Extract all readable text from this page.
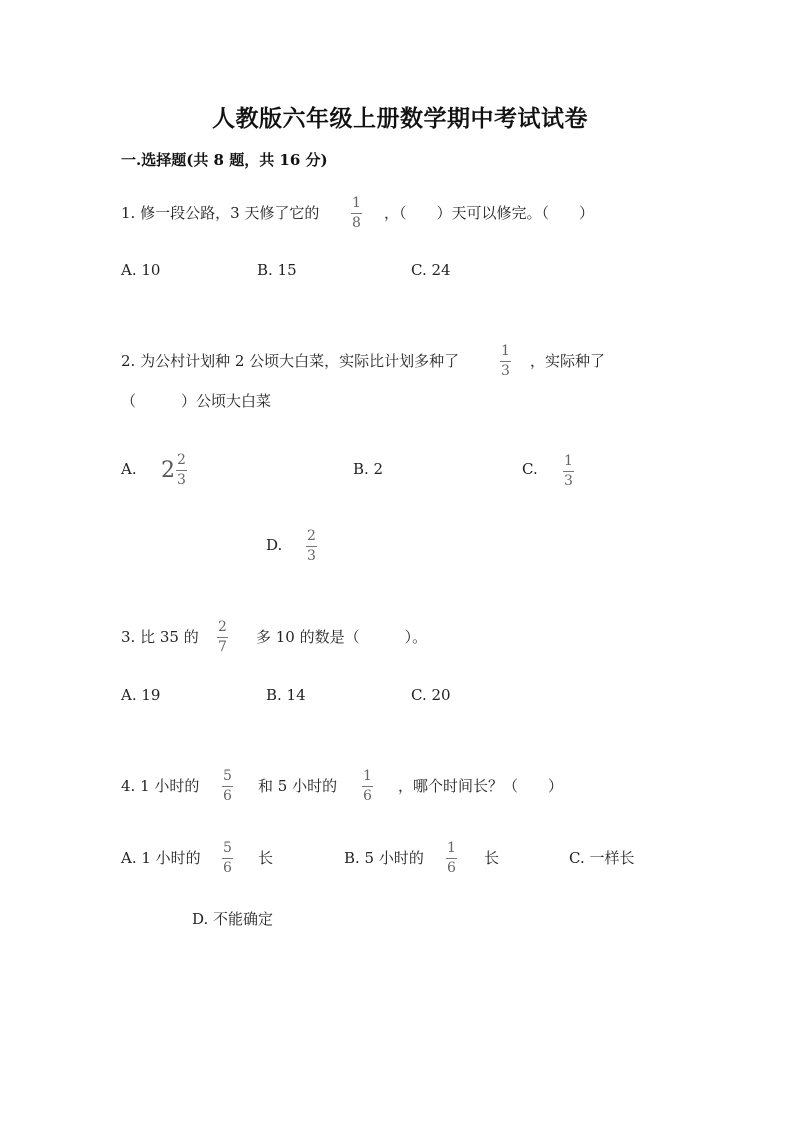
人教版六年级上册数学期中考试试卷
一.选择题(共 8 题，共 16 分)
1. 修一段公路，3 天修了它的
1
8
，（　　）天可以修完。（　　）
A. 10	B. 15	C. 24
2. 为公村计划种 2 公顷大白菜，实际比计划多种了
1
3
，实际种了
（　　　）公顷大白菜
A. $2 \frac{2}{3}$	B. 2	C. 1
3
D. 2
3
3. 比 35 的
2
7
多 10 的数是（　　　）。
A. 19	B. 14	C. 20
4. 1 小时的
5
6
和 5 小时的
1
6
，哪个时间长？（　　）
A. 1 小时的
5
6
长	B. 5 小时的
1
6
长	C. 一样长
D. 不能确定
